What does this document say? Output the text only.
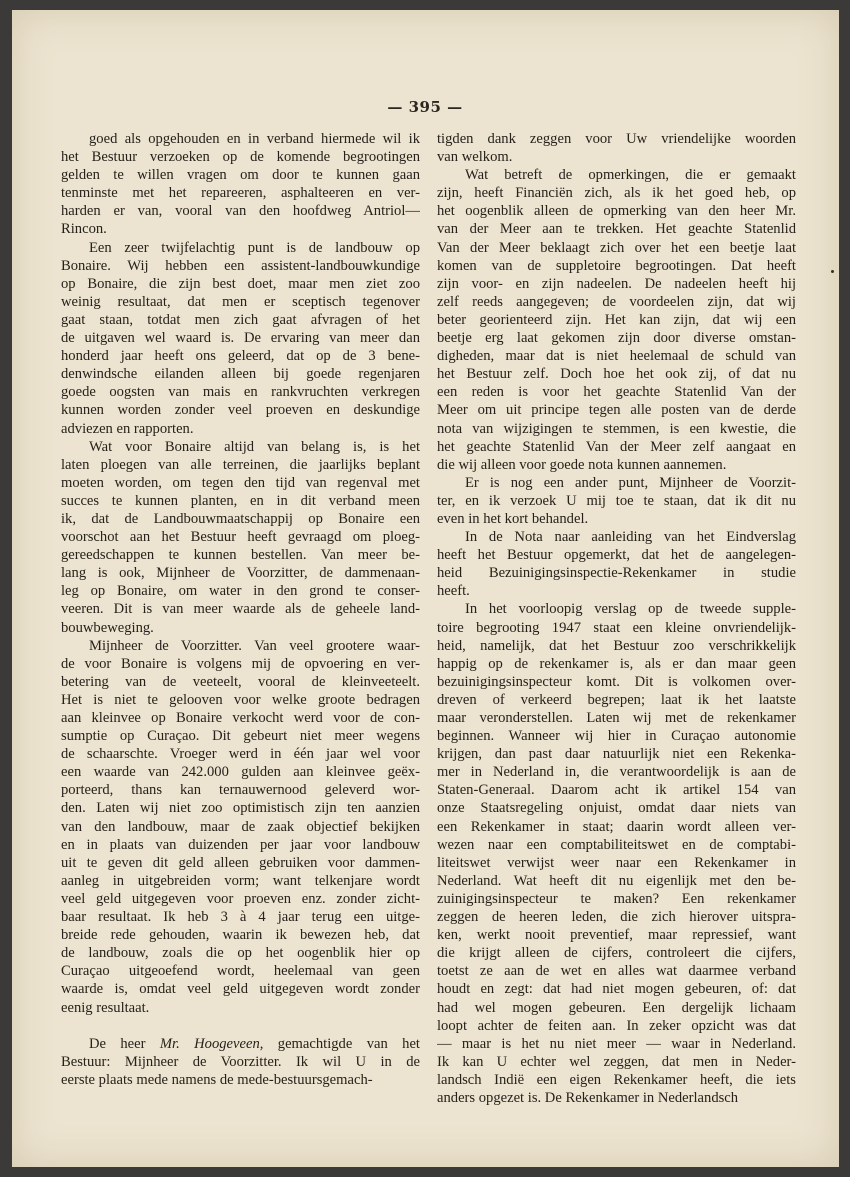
— 395 —
goed als opgehouden en in verband hiermede wil ik
het Bestuur verzoeken op de komende begrootingen
gelden te willen vragen om door te kunnen gaan
tenminste met het repareeren, asphalteeren en ver-
harden er van, vooral van den hoofdweg Antriol—
Rincon.
Een zeer twijfelachtig punt is de landbouw op
Bonaire. Wij hebben een assistent-landbouwkundige
op Bonaire, die zijn best doet, maar men ziet zoo
weinig resultaat, dat men er sceptisch tegenover
gaat staan, totdat men zich gaat afvragen of het
de uitgaven wel waard is. De ervaring van meer dan
honderd jaar heeft ons geleerd, dat op de 3 bene-
denwindsche eilanden alleen bij goede regenjaren
goede oogsten van mais en rankvruchten verkregen
kunnen worden zonder veel proeven en deskundige
adviezen en rapporten.
Wat voor Bonaire altijd van belang is, is het
laten ploegen van alle terreinen, die jaarlijks beplant
moeten worden, om tegen den tijd van regenval met
succes te kunnen planten, en in dit verband meen
ik, dat de Landbouwmaatschappij op Bonaire een
voorschot aan het Bestuur heeft gevraagd om ploeg-
gereedschappen te kunnen bestellen. Van meer be-
lang is ook, Mijnheer de Voorzitter, de dammenaan-
leg op Bonaire, om water in den grond te conser-
veeren. Dit is van meer waarde als de geheele land-
bouwbeweging.
Mijnheer de Voorzitter. Van veel grootere waar-
de voor Bonaire is volgens mij de opvoering en ver-
betering van de veeteelt, vooral de kleinveeteelt.
Het is niet te gelooven voor welke groote bedragen
aan kleinvee op Bonaire verkocht werd voor de con-
sumptie op Curaçao. Dit gebeurt niet meer wegens
de schaarschte. Vroeger werd in één jaar wel voor
een waarde van 242.000 gulden aan kleinvee geëx-
porteerd, thans kan ternauwernood geleverd wor-
den. Laten wij niet zoo optimistisch zijn ten aanzien
van den landbouw, maar de zaak objectief bekijken
en in plaats van duizenden per jaar voor landbouw
uit te geven dit geld alleen gebruiken voor dammen-
aanleg in uitgebreiden vorm; want telkenjare wordt
veel geld uitgegeven voor proeven enz. zonder zicht-
baar resultaat. Ik heb 3 à 4 jaar terug een uitge-
breide rede gehouden, waarin ik bewezen heb, dat
de landbouw, zoals die op het oogenblik hier op
Curaçao uitgeoefend wordt, heelemaal van geen
waarde is, omdat veel geld uitgegeven wordt zonder
eenig resultaat.
De heer Mr. Hoogeveen, gemachtigde van het
Bestuur: Mijnheer de Voorzitter. Ik wil U in de
eerste plaats mede namens de mede-bestuursgemach-
tigden dank zeggen voor Uw vriendelijke woorden
van welkom.
Wat betreft de opmerkingen, die er gemaakt
zijn, heeft Financiën zich, als ik het goed heb, op
het oogenblik alleen de opmerking van den heer Mr.
van der Meer aan te trekken. Het geachte Statenlid
Van der Meer beklaagt zich over het een beetje laat
komen van de suppletoire begrootingen. Dat heeft
zijn voor- en zijn nadeelen. De nadeelen heeft hij
zelf reeds aangegeven; de voordeelen zijn, dat wij
beter georienteerd zijn. Het kan zijn, dat wij een
beetje erg laat gekomen zijn door diverse omstan-
digheden, maar dat is niet heelemaal de schuld van
het Bestuur zelf. Doch hoe het ook zij, of dat nu
een reden is voor het geachte Statenlid Van der
Meer om uit principe tegen alle posten van de derde
nota van wijzigingen te stemmen, is een kwestie, die
het geachte Statenlid Van der Meer zelf aangaat en
die wij alleen voor goede nota kunnen aannemen.
Er is nog een ander punt, Mijnheer de Voorzit-
ter, en ik verzoek U mij toe te staan, dat ik dit nu
even in het kort behandel.
In de Nota naar aanleiding van het Eindverslag
heeft het Bestuur opgemerkt, dat het de aangelegen-
heid Bezuinigingsinspectie-Rekenkamer in studie
heeft.
In het voorloopig verslag op de tweede supple-
toire begrooting 1947 staat een kleine onvriendelijk-
heid, namelijk, dat het Bestuur zoo verschrikkelijk
happig op de rekenkamer is, als er dan maar geen
bezuinigingsinspecteur komt. Dit is volkomen over-
dreven of verkeerd begrepen; laat ik het laatste
maar veronderstellen. Laten wij met de rekenkamer
beginnen. Wanneer wij hier in Curaçao autonomie
krijgen, dan past daar natuurlijk niet een Rekenka-
mer in Nederland in, die verantwoordelijk is aan de
Staten-Generaal. Daarom acht ik artikel 154 van
onze Staatsregeling onjuist, omdat daar niets van
een Rekenkamer in staat; daarin wordt alleen ver-
wezen naar een comptabiliteitswet en de comptabi-
liteitswet verwijst weer naar een Rekenkamer in
Nederland. Wat heeft dit nu eigenlijk met den be-
zuinigingsinspecteur te maken? Een rekenkamer
zeggen de heeren leden, die zich hierover uitspra-
ken, werkt nooit preventief, maar repressief, want
die krijgt alleen de cijfers, controleert die cijfers,
toetst ze aan de wet en alles wat daarmee verband
houdt en zegt: dat had niet mogen gebeuren, of: dat
had wel mogen gebeuren. Een dergelijk lichaam
loopt achter de feiten aan. In zeker opzicht was dat
— maar is het nu niet meer — waar in Nederland.
Ik kan U echter wel zeggen, dat men in Neder-
landsch Indië een eigen Rekenkamer heeft, die iets
anders opgezet is. De Rekenkamer in Nederlandsch
